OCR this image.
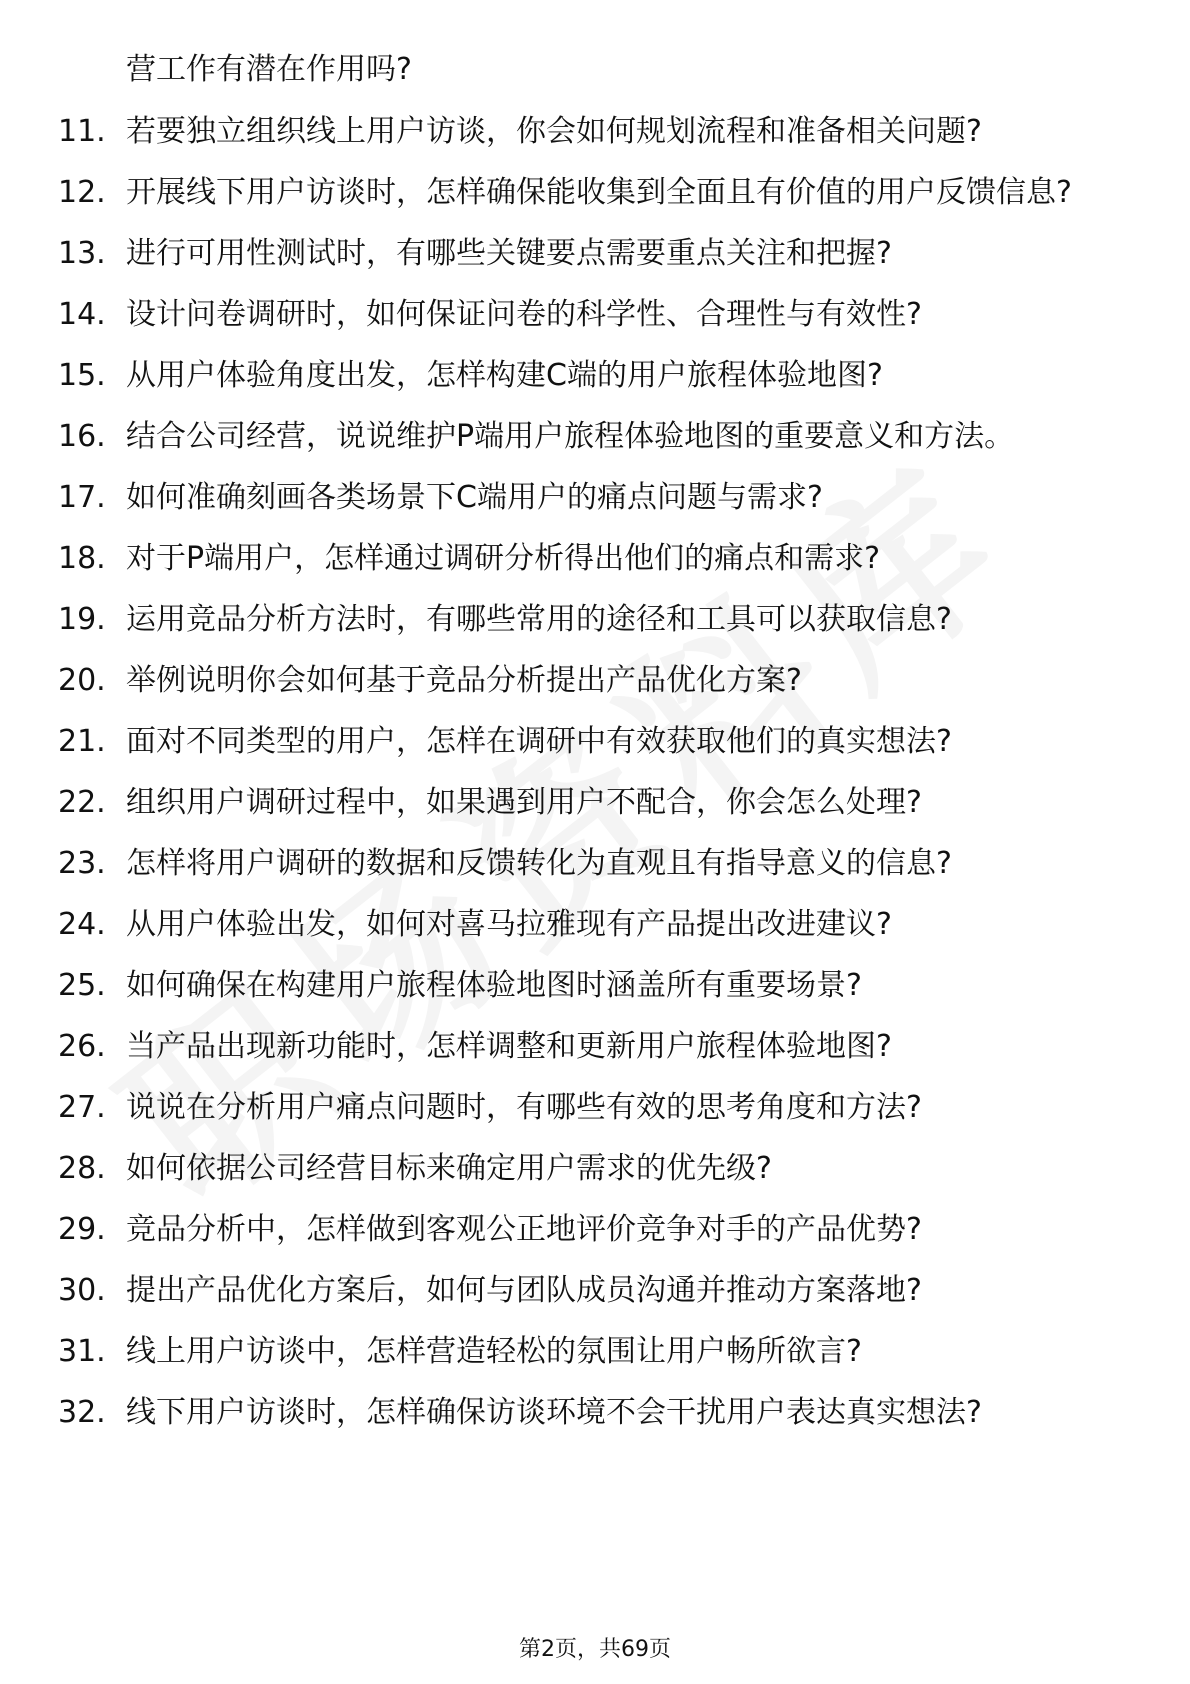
营工作有潜在作用吗?
11. 若要独立组织线上用户访谈，你会如何规划流程和准备相关问题?
12. 开展线下用户访谈时，怎样确保能收集到全面且有价值的用户反馈信息?
13. 进行可用性测试时，有哪些关键要点需要重点关注和把握?
14. 设计问卷调研时，如何保证问卷的科学性、合理性与有效性?
15. 从用户体验角度出发，怎样构建C端的用户旅程体验地图?
16. 结合公司经营，说说维护P端用户旅程体验地图的重要意义和方法。
17. 如何准确刻画各类场景下C端用户的痛点问题与需求?
18. 对于P端用户，怎样通过调研分析得出他们的痛点和需求?
19. 运用竞品分析方法时，有哪些常用的途径和工具可以获取信息?
20. 举例说明你会如何基于竞品分析提出产品优化方案?
21. 面对不同类型的用户，怎样在调研中有效获取他们的真实想法?
22. 组织用户调研过程中，如果遇到用户不配合，你会怎么处理?
23. 怎样将用户调研的数据和反馈转化为直观且有指导意义的信息?
24. 从用户体验出发，如何对喜马拉雅现有产品提出改进建议?
25. 如何确保在构建用户旅程体验地图时涵盖所有重要场景?
26. 当产品出现新功能时，怎样调整和更新用户旅程体验地图?
27. 说说在分析用户痛点问题时，有哪些有效的思考角度和方法?
28. 如何依据公司经营目标来确定用户需求的优先级?
29. 竞品分析中，怎样做到客观公正地评价竞争对手的产品优势?
30. 提出产品优化方案后，如何与团队成员沟通并推动方案落地?
31. 线上用户访谈中，怎样营造轻松的氛围让用户畅所欲言?
32. 线下用户访谈时，怎样确保访谈环境不会干扰用户表达真实想法?
第2页，共69页
